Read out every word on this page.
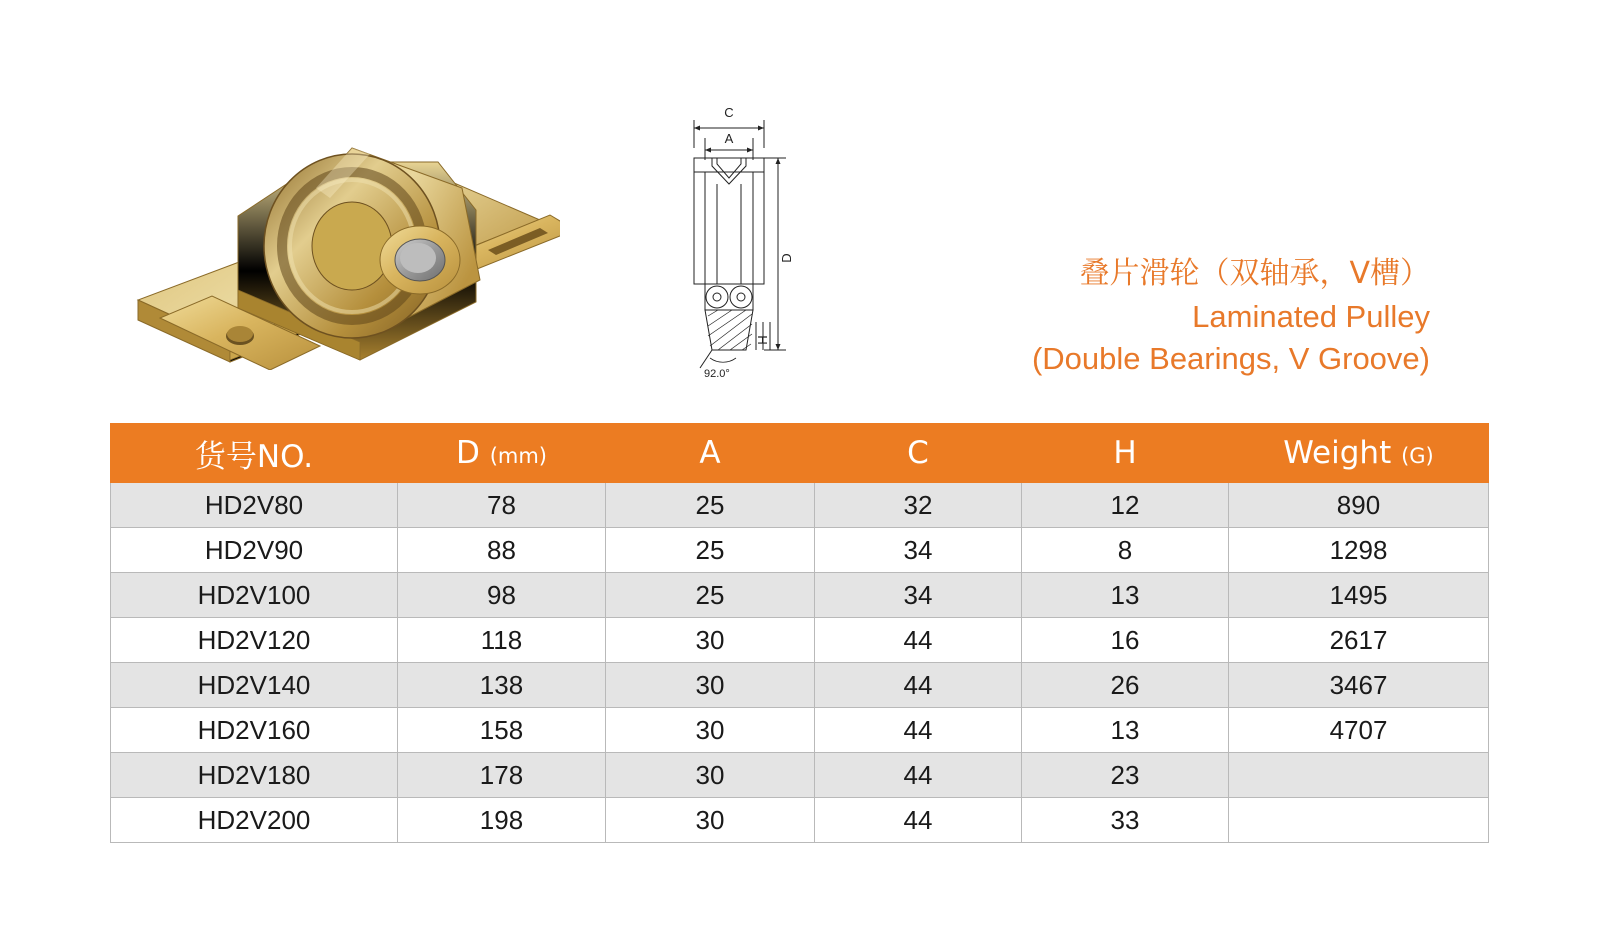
C
A
D
H
92.0°
叠片滑轮（双轴承，V槽）
Laminated Pulley
(Double Bearings, V Groove)
货号NO.	D (mm)	A	C	H	Weight (G)
HD2V80	78	25	32	12	890
HD2V90	88	25	34	8	1298
HD2V100	98	25	34	13	1495
HD2V120	118	30	44	16	2617
HD2V140	138	30	44	26	3467
HD2V160	158	30	44	13	4707
HD2V180	178	30	44	23	
HD2V200	198	30	44	33	
